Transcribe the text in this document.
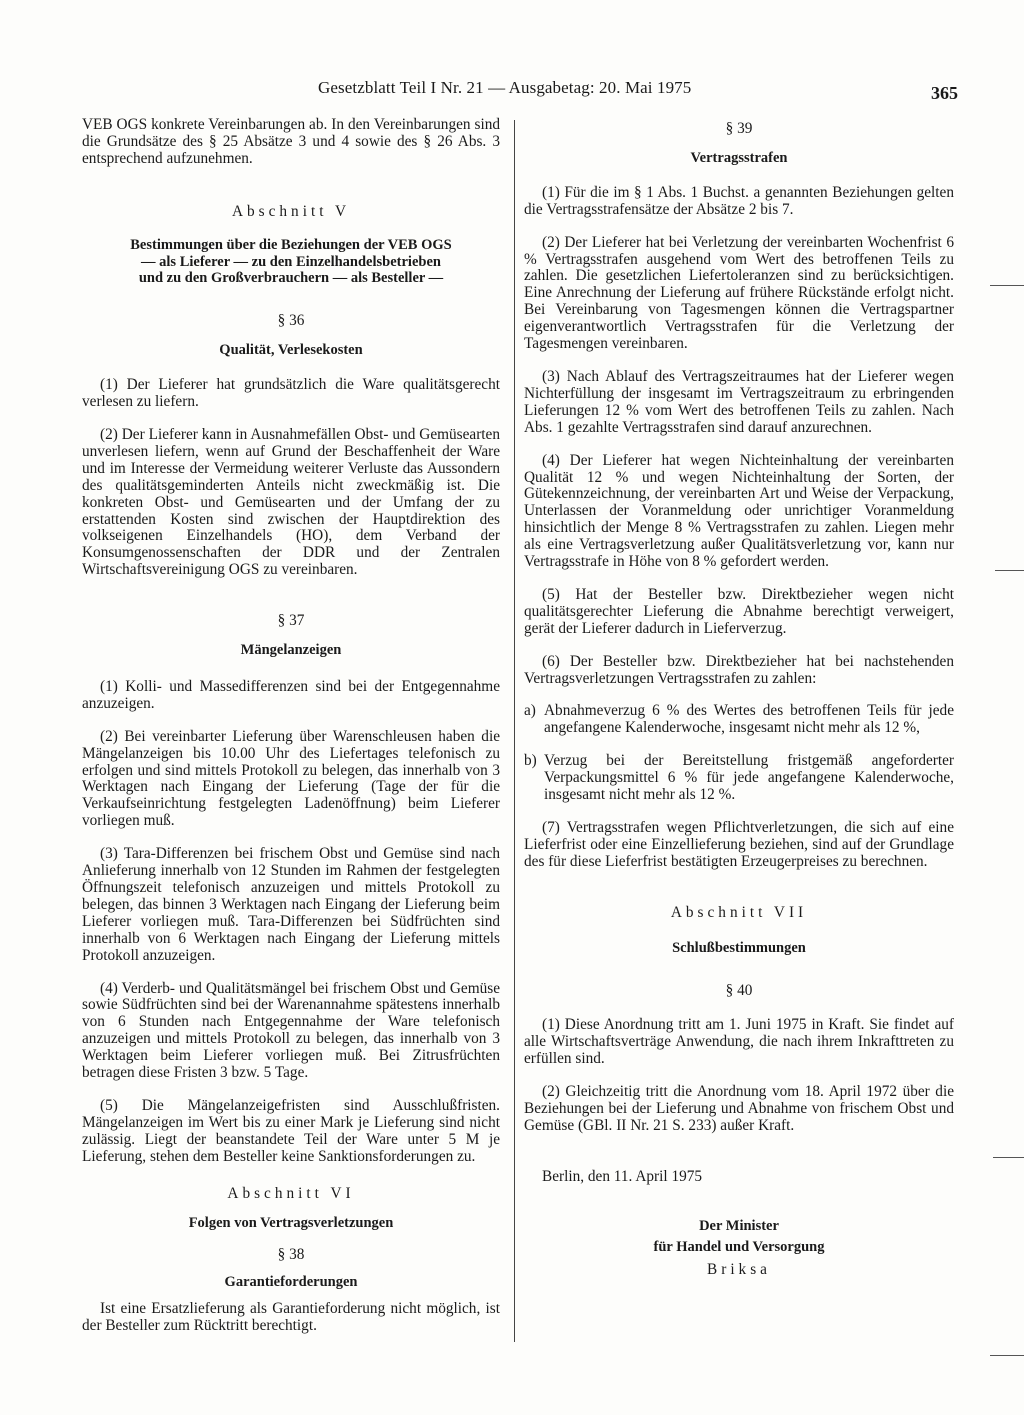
Gesetzblatt Teil I Nr. 21 — Ausgabetag: 20. Mai 1975	365

VEB OGS konkrete Vereinbarungen ab. In den Vereinbarungen sind die Grundsätze des § 25 Absätze 3 und 4 sowie des § 26 Abs. 3 entsprechend aufzunehmen.

Abschnitt V
Bestimmungen über die Beziehungen der VEB OGS
— als Lieferer — zu den Einzelhandelsbetrieben
und zu den Großverbrauchern — als Besteller —
§ 36
Qualität, Verlesekosten

(1) Der Lieferer hat grundsätzlich die Ware qualitätsgerecht verlesen zu liefern.

(2) Der Lieferer kann in Ausnahmefällen Obst- und Gemüsearten unverlesen liefern, wenn auf Grund der Beschaffenheit der Ware und im Interesse der Vermeidung weiterer Verluste das Aussondern des qualitätsgeminderten Anteils nicht zweckmäßig ist. Die konkreten Obst- und Gemüsearten und der Umfang der zu erstattenden Kosten sind zwischen der Hauptdirektion des volkseigenen Einzelhandels (HO), dem Verband der Konsumgenossenschaften der DDR und der Zentralen Wirtschaftsvereinigung OGS zu vereinbaren.

§ 37
Mängelanzeigen

(1) Kolli- und Massedifferenzen sind bei der Entgegennahme anzuzeigen.

(2) Bei vereinbarter Lieferung über Warenschleusen haben die Mängelanzeigen bis 10.00 Uhr des Liefertages telefonisch zu erfolgen und sind mittels Protokoll zu belegen, das innerhalb von 3 Werktagen nach Eingang der Lieferung (Tage der für die Verkaufseinrichtung festgelegten Ladenöffnung) beim Lieferer vorliegen muß.

(3) Tara-Differenzen bei frischem Obst und Gemüse sind nach Anlieferung innerhalb von 12 Stunden im Rahmen der festgelegten Öffnungszeit telefonisch anzuzeigen und mittels Protokoll zu belegen, das binnen 3 Werktagen nach Eingang der Lieferung beim Lieferer vorliegen muß. Tara-Differenzen bei Südfrüchten sind innerhalb von 6 Werktagen nach Eingang der Lieferung mittels Protokoll anzuzeigen.

(4) Verderb- und Qualitätsmängel bei frischem Obst und Gemüse sowie Südfrüchten sind bei der Warenannahme spätestens innerhalb von 6 Stunden nach Entgegennahme der Ware telefonisch anzuzeigen und mittels Protokoll zu belegen, das innerhalb von 3 Werktagen beim Lieferer vorliegen muß. Bei Zitrusfrüchten betragen diese Fristen 3 bzw. 5 Tage.

(5) Die Mängelanzeigefristen sind Ausschlußfristen. Mängelanzeigen im Wert bis zu einer Mark je Lieferung sind nicht zulässig. Liegt der beanstandete Teil der Ware unter 5 M je Lieferung, stehen dem Besteller keine Sanktionsforderungen zu.

Abschnitt VI
Folgen von Vertragsverletzungen
§ 38
Garantieforderungen

Ist eine Ersatzlieferung als Garantieforderung nicht möglich, ist der Besteller zum Rücktritt berechtigt.

§ 39
Vertragsstrafen

(1) Für die im § 1 Abs. 1 Buchst. a genannten Beziehungen gelten die Vertragsstrafensätze der Absätze 2 bis 7.

(2) Der Lieferer hat bei Verletzung der vereinbarten Wochenfrist 6 % Vertragsstrafen ausgehend vom Wert des betroffenen Teils zu zahlen. Die gesetzlichen Liefertoleranzen sind zu berücksichtigen. Eine Anrechnung der Lieferung auf frühere Rückstände erfolgt nicht. Bei Vereinbarung von Tagesmengen können die Vertragspartner eigenverantwortlich Vertragsstrafen für die Verletzung der Tagesmengen vereinbaren.

(3) Nach Ablauf des Vertragszeitraumes hat der Lieferer wegen Nichterfüllung der insgesamt im Vertragszeitraum zu erbringenden Lieferungen 12 % vom Wert des betroffenen Teils zu zahlen. Nach Abs. 1 gezahlte Vertragsstrafen sind darauf anzurechnen.

(4) Der Lieferer hat wegen Nichteinhaltung der vereinbarten Qualität 12 % und wegen Nichteinhaltung der Sorten, der Gütekennzeichnung, der vereinbarten Art und Weise der Verpackung, Unterlassen der Voranmeldung oder unrichtiger Voranmeldung hinsichtlich der Menge 8 % Vertragsstrafen zu zahlen. Liegen mehr als eine Vertragsverletzung außer Qualitätsverletzung vor, kann nur Vertragsstrafe in Höhe von 8 % gefordert werden.

(5) Hat der Besteller bzw. Direktbezieher wegen nicht qualitätsgerechter Lieferung die Abnahme berechtigt verweigert, gerät der Lieferer dadurch in Lieferverzug.

(6) Der Besteller bzw. Direktbezieher hat bei nachstehenden Vertragsverletzungen Vertragsstrafen zu zahlen:

a) Abnahmeverzug 6 % des Wertes des betroffenen Teils für jede angefangene Kalenderwoche, insgesamt nicht mehr als 12 %,
b) Verzug bei der Bereitstellung fristgemäß angeforderter Verpackungsmittel 6 % für jede angefangene Kalenderwoche, insgesamt nicht mehr als 12 %.

(7) Vertragsstrafen wegen Pflichtverletzungen, die sich auf eine Lieferfrist oder eine Einzellieferung beziehen, sind auf der Grundlage des für diese Lieferfrist bestätigten Erzeugerpreises zu berechnen.

Abschnitt VII
Schlußbestimmungen
§ 40

(1) Diese Anordnung tritt am 1. Juni 1975 in Kraft. Sie findet auf alle Wirtschaftsverträge Anwendung, die nach ihrem Inkrafttreten zu erfüllen sind.

(2) Gleichzeitig tritt die Anordnung vom 18. April 1972 über die Beziehungen bei der Lieferung und Abnahme von frischem Obst und Gemüse (GBl. II Nr. 21 S. 233) außer Kraft.

Berlin, den 11. April 1975

Der Minister
für Handel und Versorgung
Briksa
